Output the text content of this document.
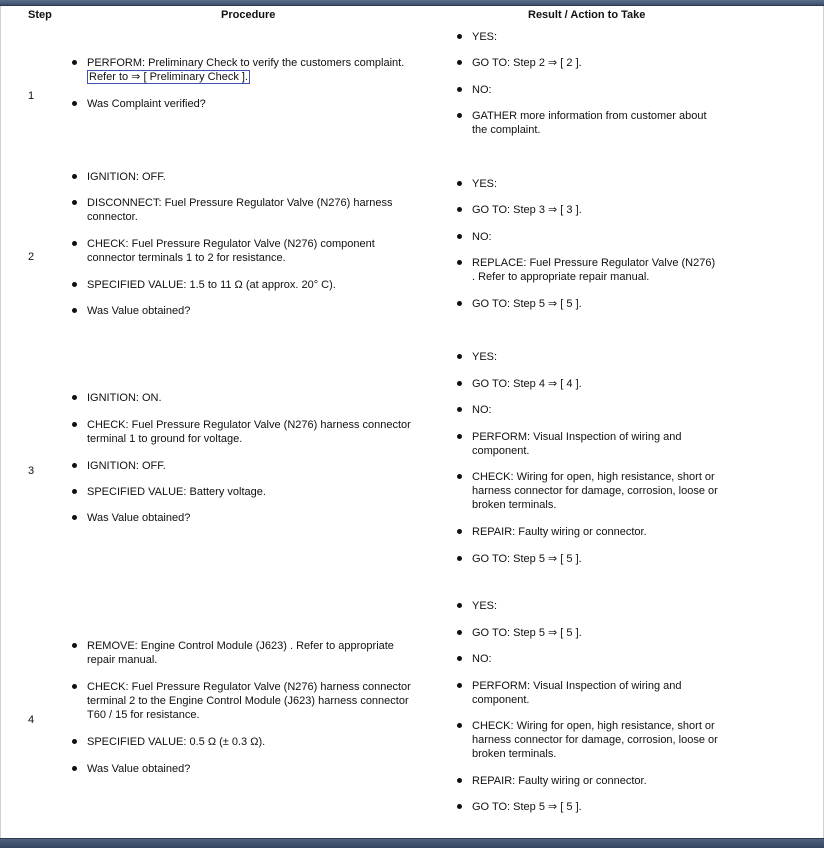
Step	Procedure	Result / Action to Take
1
PERFORM: Preliminary Check to verify the customers complaint.
Refer to ⇒ [ Preliminary Check ].
Was Complaint verified?
YES:
GO TO: Step 2 ⇒ [ 2 ].
NO:
GATHER more information from customer about
the complaint.
2
IGNITION: OFF.
DISCONNECT: Fuel Pressure Regulator Valve (N276) harness
connector.
CHECK: Fuel Pressure Regulator Valve (N276) component
connector terminals 1 to 2 for resistance.
SPECIFIED VALUE: 1.5 to 11 Ω (at approx. 20° C).
Was Value obtained?
YES:
GO TO: Step 3 ⇒ [ 3 ].
NO:
REPLACE: Fuel Pressure Regulator Valve (N276)
. Refer to appropriate repair manual.
GO TO: Step 5 ⇒ [ 5 ].
3
IGNITION: ON.
CHECK: Fuel Pressure Regulator Valve (N276) harness connector
terminal 1 to ground for voltage.
IGNITION: OFF.
SPECIFIED VALUE: Battery voltage.
Was Value obtained?
YES:
GO TO: Step 4 ⇒ [ 4 ].
NO:
PERFORM: Visual Inspection of wiring and
component.
CHECK: Wiring for open, high resistance, short or
harness connector for damage, corrosion, loose or
broken terminals.
REPAIR: Faulty wiring or connector.
GO TO: Step 5 ⇒ [ 5 ].
4
REMOVE: Engine Control Module (J623) . Refer to appropriate
repair manual.
CHECK: Fuel Pressure Regulator Valve (N276) harness connector
terminal 2 to the Engine Control Module (J623) harness connector
T60 / 15 for resistance.
SPECIFIED VALUE: 0.5 Ω (± 0.3 Ω).
Was Value obtained?
YES:
GO TO: Step 5 ⇒ [ 5 ].
NO:
PERFORM: Visual Inspection of wiring and
component.
CHECK: Wiring for open, high resistance, short or
harness connector for damage, corrosion, loose or
broken terminals.
REPAIR: Faulty wiring or connector.
GO TO: Step 5 ⇒ [ 5 ].
